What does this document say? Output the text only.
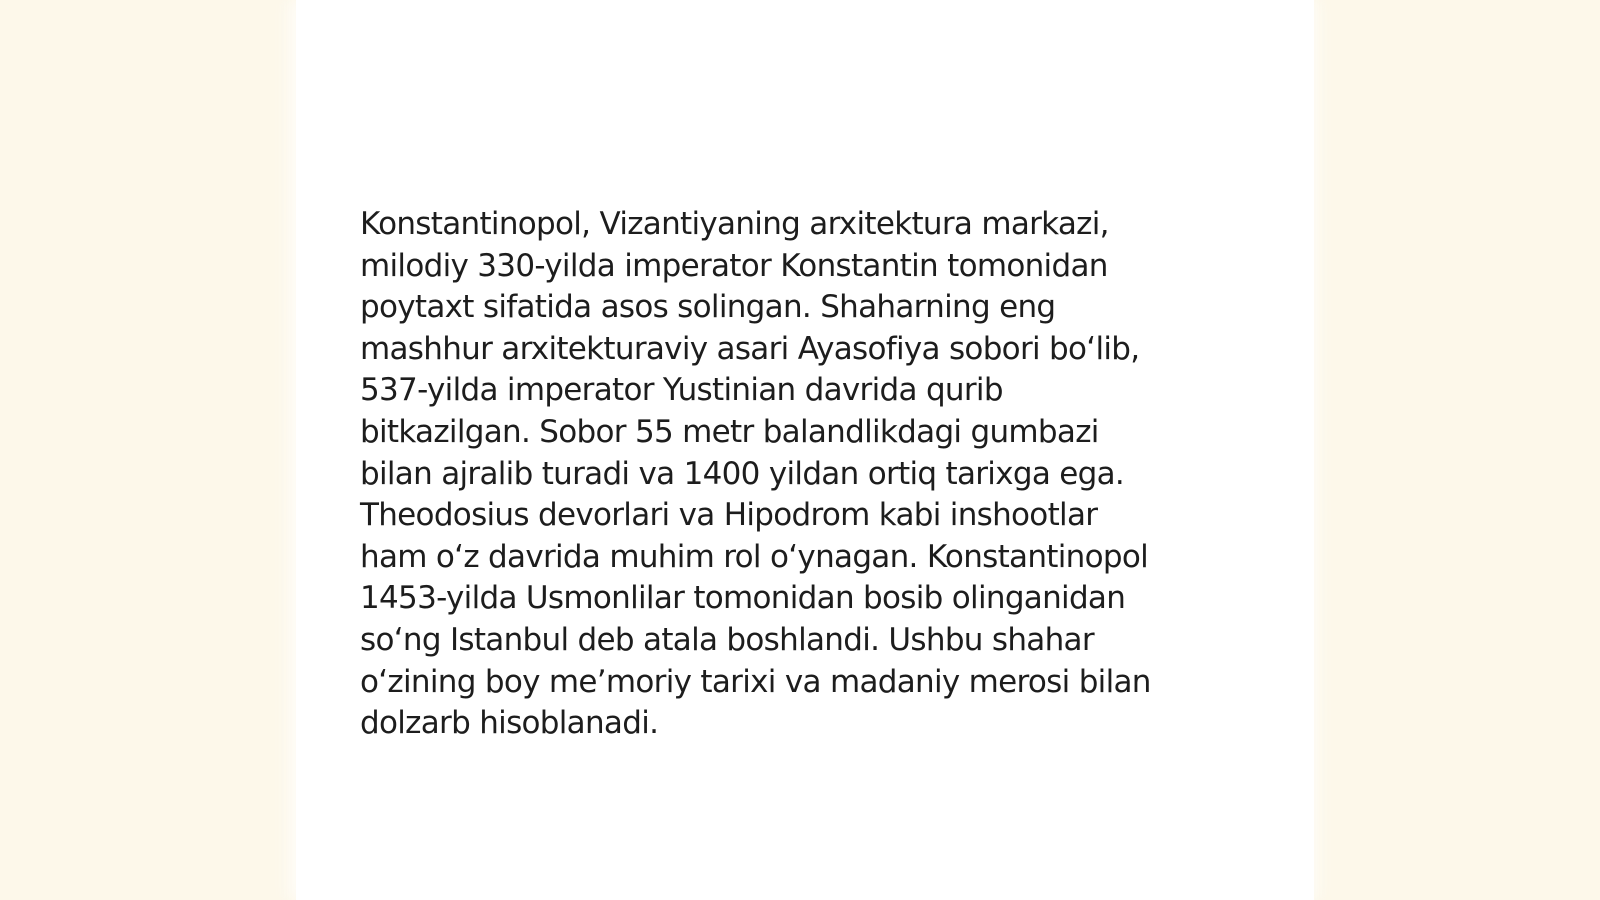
Konstantinopol, Vizantiyaning arxitektura markazi,
milodiy 330-yilda imperator Konstantin tomonidan
poytaxt sifatida asos solingan. Shaharning eng
mashhur arxitekturaviy asari Ayasofiya sobori bo‘lib,
537-yilda imperator Yustinian davrida qurib
bitkazilgan. Sobor 55 metr balandlikdagi gumbazi
bilan ajralib turadi va 1400 yildan ortiq tarixga ega.
Theodosius devorlari va Hipodrom kabi inshootlar
ham o‘z davrida muhim rol o‘ynagan. Konstantinopol
1453-yilda Usmonlilar tomonidan bosib olinganidan
so‘ng Istanbul deb atala boshlandi. Ushbu shahar
o‘zining boy me’moriy tarixi va madaniy merosi bilan
dolzarb hisoblanadi.
